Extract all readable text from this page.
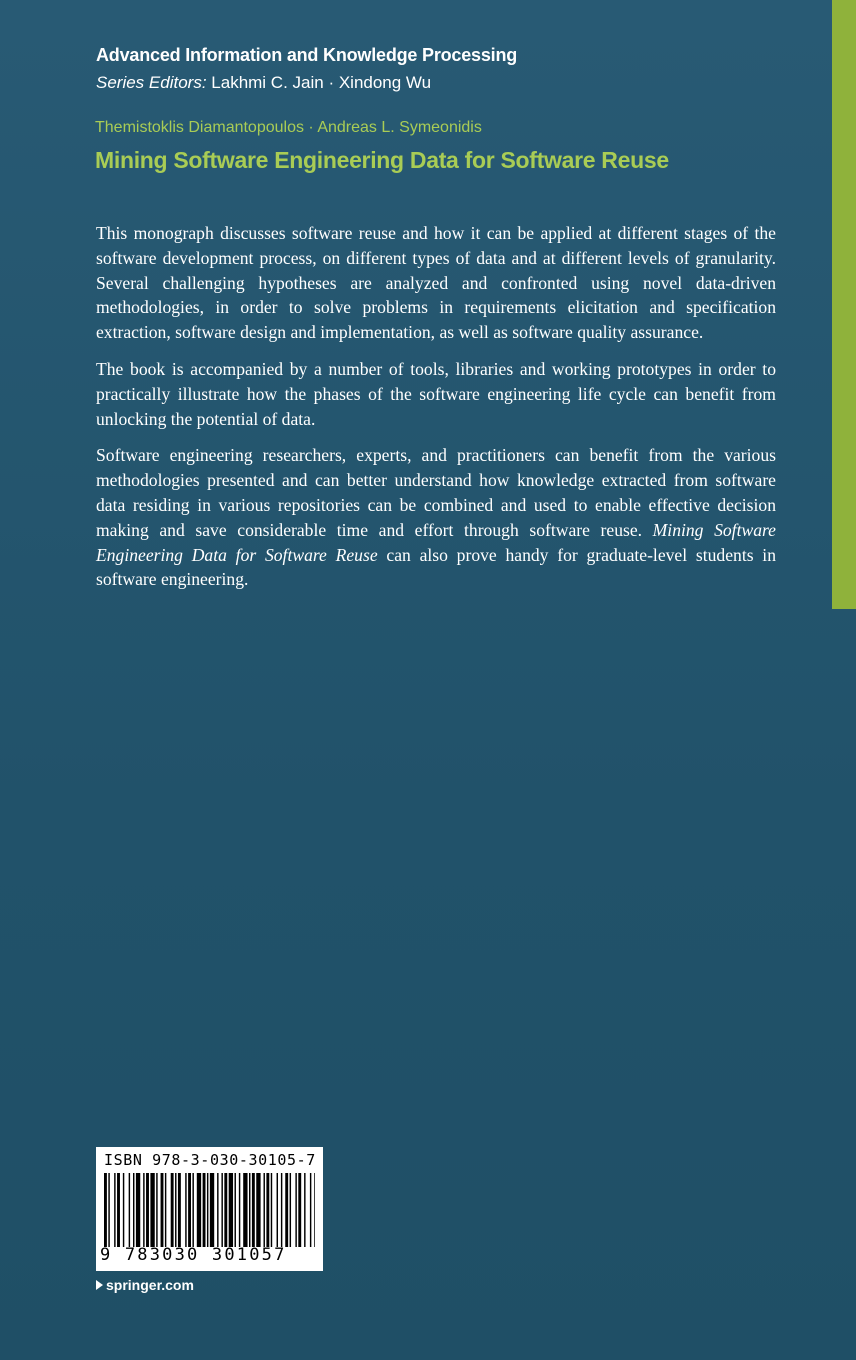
Advanced Information and Knowledge Processing
Series Editors: Lakhmi C. Jain · Xindong Wu
Themistoklis Diamantopoulos · Andreas L. Symeonidis
Mining Software Engineering Data for Software Reuse

This monograph discusses software reuse and how it can be applied at different stages of the software development process, on different types of data and at different levels of granularity. Several challenging hypotheses are analyzed and confronted using novel data-driven methodologies, in order to solve problems in requirements elicitation and specification extraction, software design and implementation, as well as software quality assurance.

The book is accompanied by a number of tools, libraries and working prototypes in order to practically illustrate how the phases of the software engineering life cycle can benefit from unlocking the potential of data.

Software engineering researchers, experts, and practitioners can benefit from the various methodologies presented and can better understand how knowledge extracted from software data residing in various repositories can be combined and used to enable effective decision making and save considerable time and effort through software reuse. Mining Software Engineering Data for Software Reuse can also prove handy for graduate-level students in software engineering.

ISBN 978-3-030-30105-7
9 783030 301057
springer.com
